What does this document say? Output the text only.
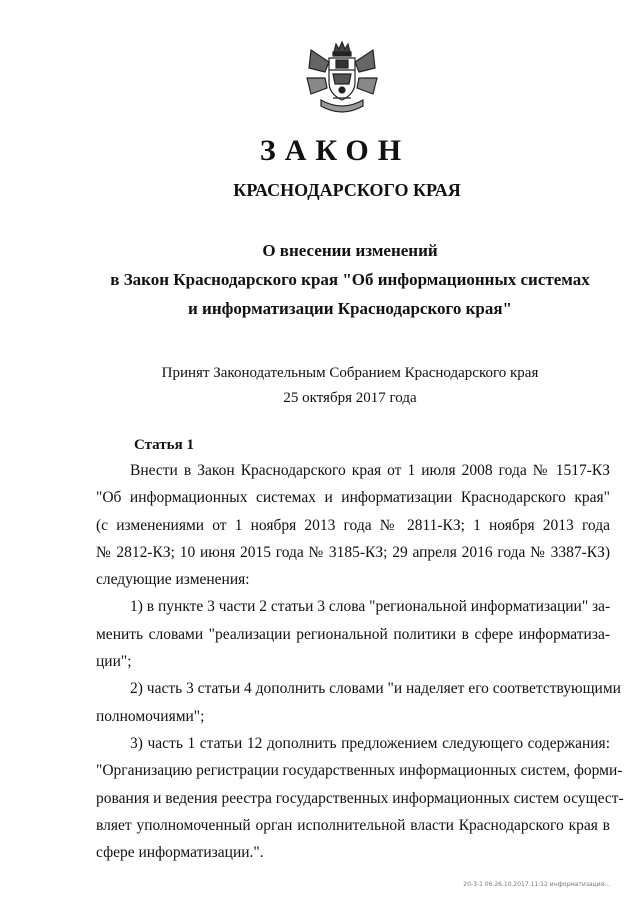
ЗАКОН
КРАСНОДАРСКОГО КРАЯ
О внесении изменений
в Закон Краснодарского края "Об информационных системах
и информатизации Краснодарского края"
Принят Законодательным Собранием Краснодарского края
25 октября 2017 года
Статья 1
Внести в Закон Краснодарского края от 1 июля 2008 года № 1517-КЗ
"Об информационных системах и информатизации Краснодарского края"
(с изменениями от 1 ноября 2013 года № 2811-КЗ; 1 ноября 2013 года
№ 2812-КЗ; 10 июня 2015 года № 3185-КЗ; 29 апреля 2016 года № 3387-КЗ)
следующие изменения:
1) в пункте 3 части 2 статьи 3 слова "региональной информатизации" за-
менить словами "реализации региональной политики в сфере информатиза-
ции";
2) часть 3 статьи 4 дополнить словами "и наделяет его соответствующими
полномочиями";
3) часть 1 статьи 12 дополнить предложением следующего содержания:
"Организацию регистрации государственных информационных систем, форми-
рования и ведения реестра государственных информационных систем осущест-
вляет уполномоченный орган исполнительной власти Краснодарского края в
сфере информатизации.".
20-3-1 06.26.10.2017 11:12 информатизация...
